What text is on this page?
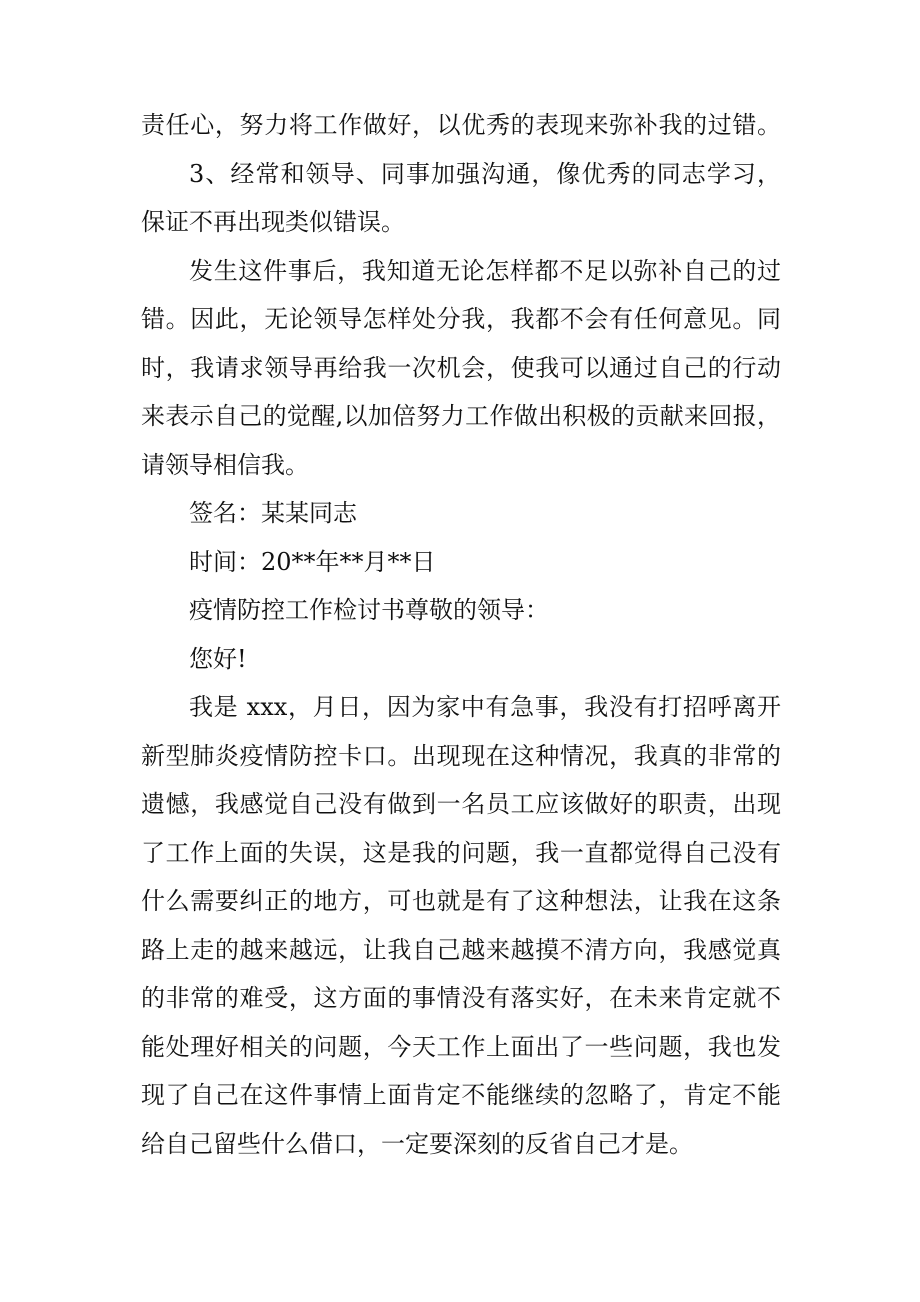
责任心，努力将工作做好，以优秀的表现来弥补我的过错。
3、经常和领导、同事加强沟通，像优秀的同志学习，
保证不再出现类似错误。
发生这件事后，我知道无论怎样都不足以弥补自己的过
错。因此，无论领导怎样处分我，我都不会有任何意见。同
时，我请求领导再给我一次机会，使我可以通过自己的行动
来表示自己的觉醒,以加倍努力工作做出积极的贡献来回报，
请领导相信我。
签名：某某同志
时间：20**年**月**日
疫情防控工作检讨书尊敬的领导：
您好!
我是 xxx，月日，因为家中有急事，我没有打招呼离开
新型肺炎疫情防控卡口。出现现在这种情况，我真的非常的
遗憾，我感觉自己没有做到一名员工应该做好的职责，出现
了工作上面的失误，这是我的问题，我一直都觉得自己没有
什么需要纠正的地方，可也就是有了这种想法，让我在这条
路上走的越来越远，让我自己越来越摸不清方向，我感觉真
的非常的难受，这方面的事情没有落实好，在未来肯定就不
能处理好相关的问题，今天工作上面出了一些问题，我也发
现了自己在这件事情上面肯定不能继续的忽略了，肯定不能
给自己留些什么借口，一定要深刻的反省自己才是。
